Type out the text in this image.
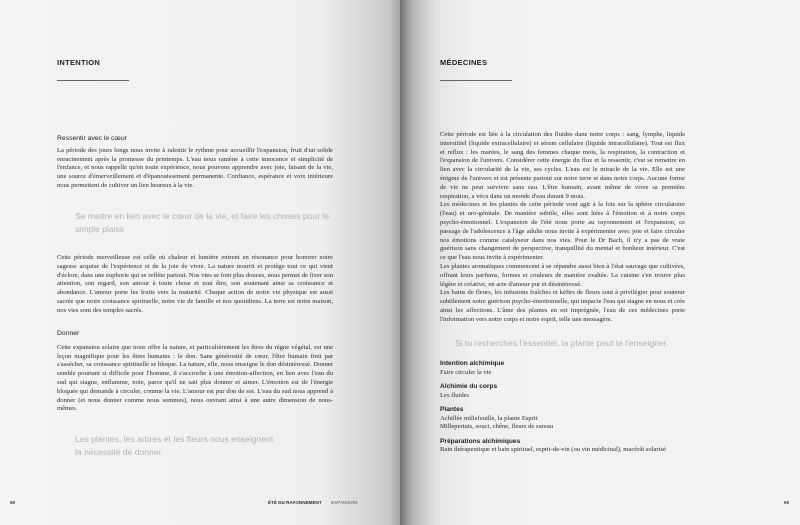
INTENTION
Ressentir avec le cœur

La période des jours longs nous invite à ralentir le rythme pour accueillir l'expansion, fruit d'un solide enracinement après la promesse du printemps. L'eau nous ramène à cette innocence et simplicité de l'enfance, et nous rappelle qu'en toute expérience, nous pouvons apprendre avec joie, faisant de la vie, une source d'émerveillement et d'épanouissement permanente. Confiance, espérance et voix intérieure nous permettent de cultiver un lien heureux à la vie.

Se mettre en lien avec le cœur de la vie, et faire les choses pour le simple plaisir

Cette période merveilleuse est celle où chaleur et lumière entrent en résonance pour honorer notre sagesse acquise de l'expérience et de la joie de vivre. La nature nourrit et protège tout ce qui vient d'éclore, dans une euphorie qui se reflète partout. Nos vies se font plus douces, nous permet de fixer son attention, son regard, son amour à toute chose et tout être, son soutenant ainsi sa croissance et abondance. L'amour porte les fruits vers la maturité. Chaque action de notre vie physique est aussi sacrée que notre croissance spirituelle, notre vie de famille et nos quotidiens. La terre est notre maison, nos vies sont des temples sacrés.

Donner

Cette expansion solaire que nous offre la nature, et particulièrement les êtres du règne végétal, est une leçon magnifique pour les êtres humains : le don. Sans générosité de cœur, l'être humain finit par s'assécher, sa croissance spirituelle se bloque. La nature, elle, nous enseigne le don désintéressé. Donner semble pourtant si difficile pour l'homme, il s'accroche à une émotion-affection, en lien avec l'eau du sud qui stagne, enflamme, noie, parce qu'il ne sait plus donner et aimer. L'émotion est de l'énergie bloquée qui demande à circuler, comme la vie. L'amour est pur don de soi. L'eau du sud nous apprend à donner (et nous donner comme nous sommes), nous ouvrant ainsi à une autre dimension de nous-mêmes.

Les plantes, les arbres et les fleurs nous enseignent la nécessité de donner.
68	ÉTÉ DU RAYONNEMENT EXPANSION
MÉDECINES

Cette période est liée à la circulation des fluides dans notre corps : sang, lymphe, liquide interstitiel (liquide extracellulaire) et sérum cellulaire (liquide intracellulaire). Tout est flux et reflux : les marées, le sang des femmes chaque mois, la respiration, la contraction et l'expansion de l'univers. Considérer cette énergie du flux et la ressentir, c'est se remettre en lien avec la circularité de la vie, ses cycles. L'eau est le miracle de la vie. Elle est une énigme de l'univers et est présente partout sur notre terre et dans notre corps. Aucune forme de vie ne peut survivre sans eau. L'être humain, avant même de vivre sa première respiration, a vécu dans un monde d'eau durant 9 mois.

Les médecines et les plantes de cette période vont agir à la fois sur la sphère circulatoire (l'eau) et uro-génitale. De manière subtile, elles sont liées à l'émotion et à notre corps psycho-émotionnel. L'expansion de l'été nous porte au rayonnement et l'expansion, ce passage de l'adolescence à l'âge adulte nous invite à expérimenter avec joie et faire circuler nos émotions comme catalyseur dans nos vies. Pour le Dr Bach, il n'y a pas de vraie guérison sans changement de perspective, tranquillité du mental et bonheur intérieur. C'est ce que l'eau nous invite à expérimenter.

Les plantes aromatiques commencent à se répandre aussi bien à l'état sauvage que cultivées, offrant leurs parfums, formes et couleurs de manière exaltée. La cuisine s'en trouve plus légère et créative, en acte d'amour pur et désintéressé.

Les bains de fleurs, les infusions fraîches et kéfirs de fleurs sont à privilégier pour soutenir subtilement notre guérison psycho-émotionnelle, qui impacte l'eau qui stagne en nous et crée ainsi les affections. L'âme des plantes en est imprégnée, l'eau de ces médecines porte l'information vers notre corps et notre esprit, telle une messagère.

Si tu recherches l'essentiel, la plante peut te l'enseigner.
Intention alchimique
Faire circuler la vie
Alchimie du corps
Les fluides
Plantes
Achillée millefeuille, la plante Esprit
Millepertuis, souci, chêne, fleurs de sureau
Préparations alchimiques
Bain thérapeutique et bain spirituel, esprit-de-vin (ou vin médicinal), macérât solarisé
69
